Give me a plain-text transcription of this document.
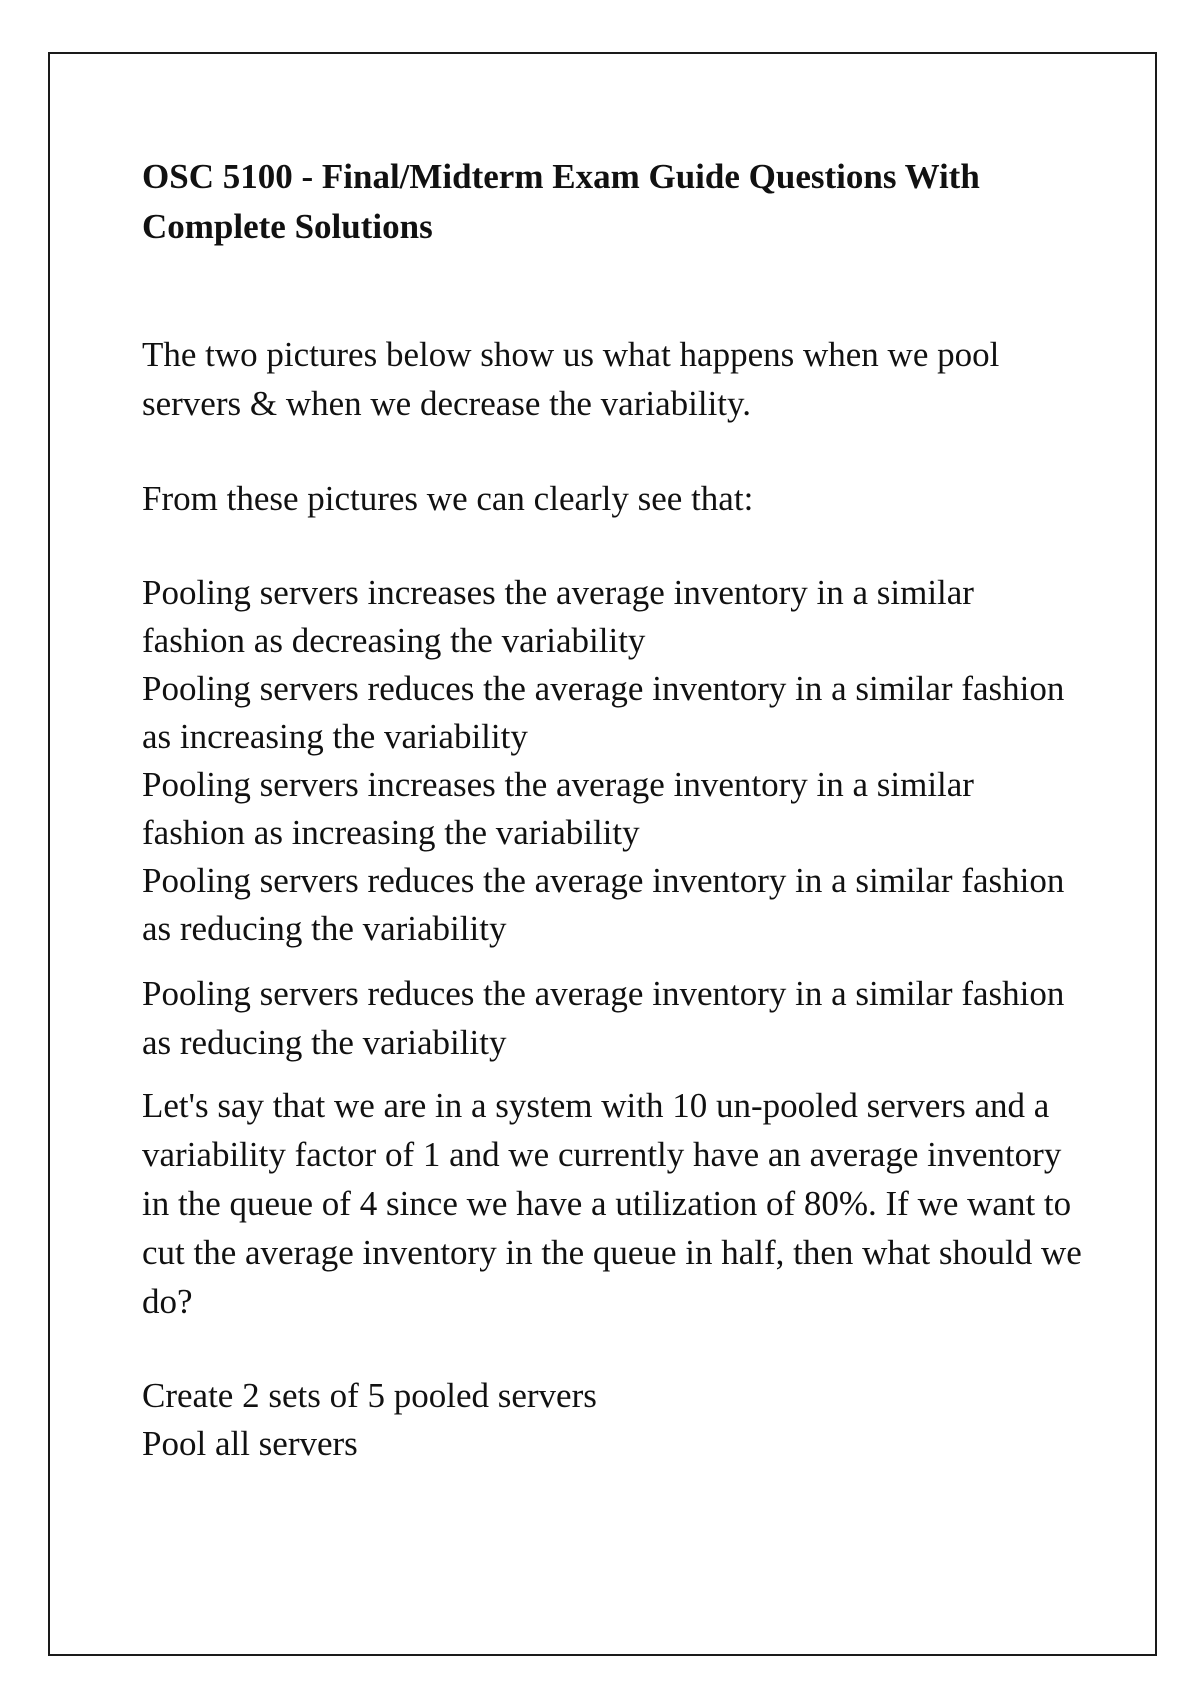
OSC 5100 - Final/Midterm Exam Guide Questions With Complete Solutions

The two pictures below show us what happens when we pool servers & when we decrease the variability.

From these pictures we can clearly see that:

Pooling servers increases the average inventory in a similar fashion as decreasing the variability

Pooling servers reduces the average inventory in a similar fashion as increasing the variability

Pooling servers increases the average inventory in a similar fashion as increasing the variability

Pooling servers reduces the average inventory in a similar fashion as reducing the variability

Pooling servers reduces the average inventory in a similar fashion as reducing the variability

Let's say that we are in a system with 10 un-pooled servers and a variability factor of 1 and we currently have an average inventory in the queue of 4 since we have a utilization of 80%. If we want to cut the average inventory in the queue in half, then what should we do?

Create 2 sets of 5 pooled servers

Pool all servers
